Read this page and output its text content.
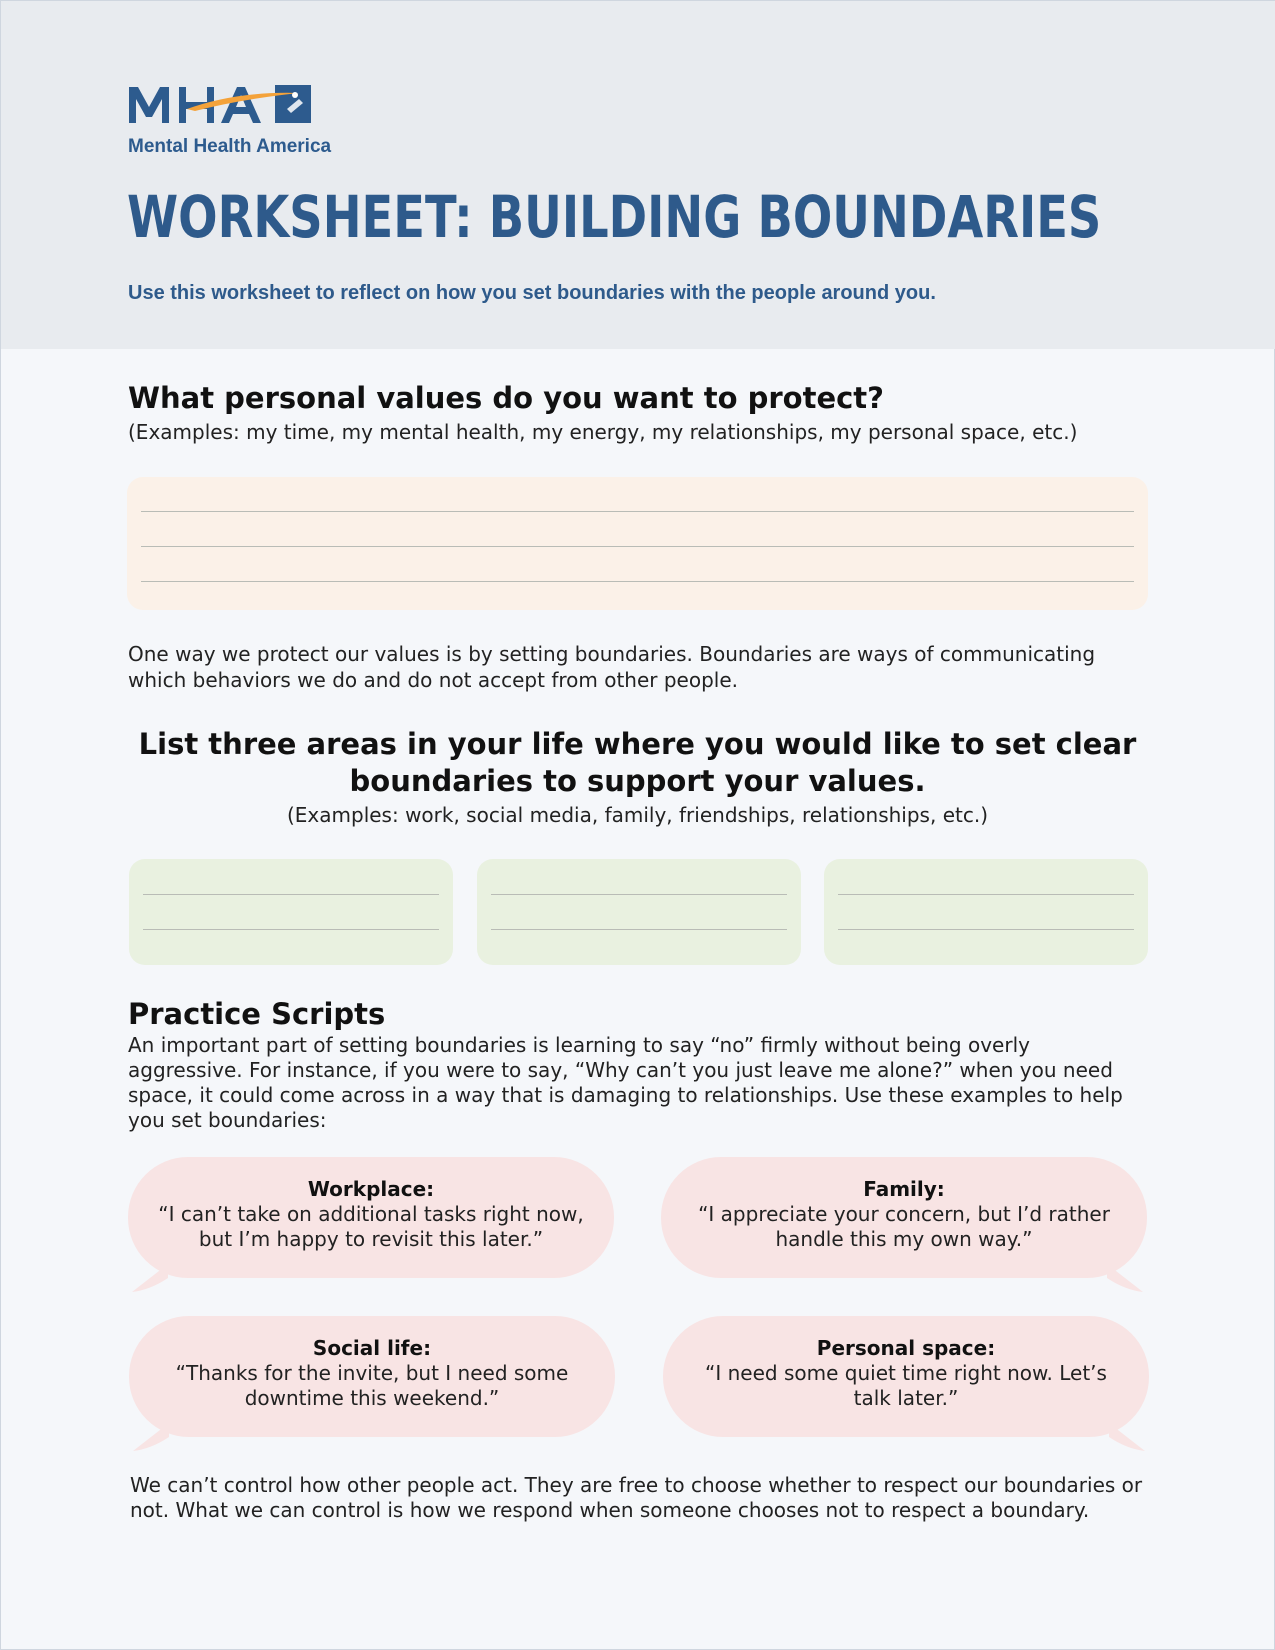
Mental Health America
WORKSHEET: BUILDING BOUNDARIES
Use this worksheet to reflect on how you set boundaries with the people around you.
What personal values do you want to protect?
(Examples: my time, my mental health, my energy, my relationships, my personal space, etc.)
One way we protect our values is by setting boundaries. Boundaries are ways of communicating which behaviors we do and do not accept from other people.
List three areas in your life where you would like to set clear
boundaries to support your values.
(Examples: work, social media, family, friendships, relationships, etc.)
Practice Scripts
An important part of setting boundaries is learning to say “no” firmly without being overly aggressive. For instance, if you were to say, “Why can’t you just leave me alone?” when you need space, it could come across in a way that is damaging to relationships. Use these examples to help you set boundaries:
Workplace:
“I can’t take on additional tasks right now, but I’m happy to revisit this later.”
Family:
“I appreciate your concern, but I’d rather handle this my own way.”
Social life:
“Thanks for the invite, but I need some downtime this weekend.”
Personal space:
“I need some quiet time right now. Let’s talk later.”
We can’t control how other people act. They are free to choose whether to respect our boundaries or not. What we can control is how we respond when someone chooses not to respect a boundary.
